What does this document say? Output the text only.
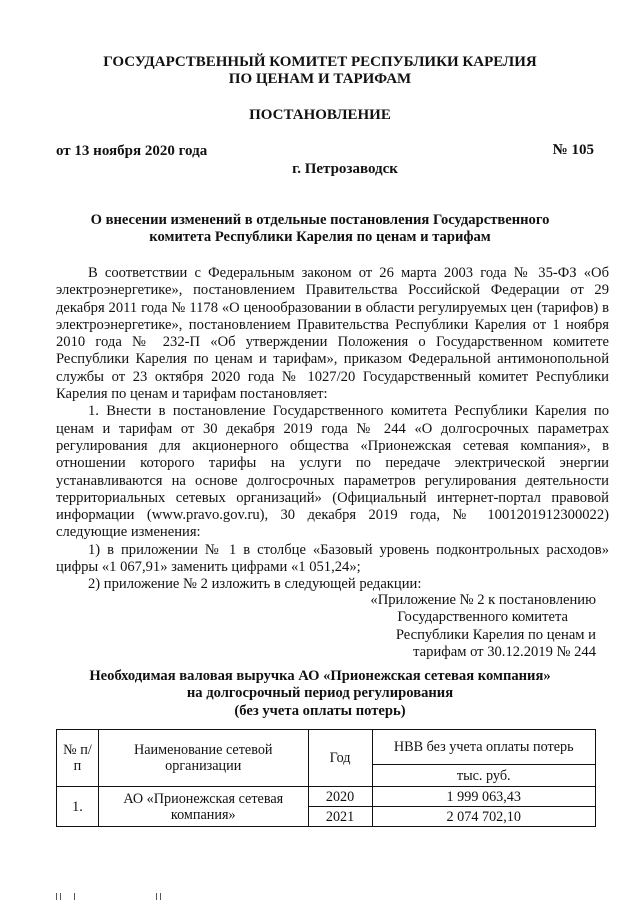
ГОСУДАРСТВЕННЫЙ КОМИТЕТ РЕСПУБЛИКИ КАРЕЛИЯ
ПО ЦЕНАМ И ТАРИФАМ
ПОСТАНОВЛЕНИЕ
от 13 ноября 2020 года	№ 105
г. Петрозаводск
О внесении изменений в отдельные постановления Государственного
комитета Республики Карелия по ценам и тарифам

В соответствии с Федеральным законом от 26 марта 2003 года № 35-ФЗ «Об электроэнергетике», постановлением Правительства Российской Федерации от 29 декабря 2011 года № 1178 «О ценообразовании в области регулируемых цен (тарифов) в электроэнергетике», постановлением Правительства Республики Карелия от 1 ноября 2010 года № 232-П «Об утверждении Положения о Государственном комитете Республики Карелия по ценам и тарифам», приказом Федеральной антимонопольной службы от 23 октября 2020 года № 1027/20 Государственный комитет Республики Карелия по ценам и тарифам постановляет:

1. Внести в постановление Государственного комитета Республики Карелия по ценам и тарифам от 30 декабря 2019 года № 244 «О долгосрочных параметрах регулирования для акционерного общества «Прионежская сетевая компания», в отношении которого тарифы на услуги по передаче электрической энергии устанавливаются на основе долгосрочных параметров регулирования деятельности территориальных сетевых организаций» (Официальный интернет-портал правовой информации (www.pravo.gov.ru), 30 декабря 2019 года, № 1001201912300022) следующие изменения:

1) в приложении № 1 в столбце «Базовый уровень подконтрольных расходов» цифры «1 067,91» заменить цифрами «1 051,24»;

2) приложение № 2 изложить в следующей редакции:

«Приложение № 2 к постановлению
Государственного комитета
Республики Карелия по ценам и
тарифам от 30.12.2019 № 244
Необходимая валовая выручка АО «Прионежская сетевая компания»
на долгосрочный период регулирования
(без учета оплаты потерь)
№ п/п	Наименование сетевой организации	Год	НВВ без учета оплаты потерь
			тыс. руб.
1.	АО «Прионежская сетевая компания»	2020	1 999 063,43
		2021	2 074 702,10
